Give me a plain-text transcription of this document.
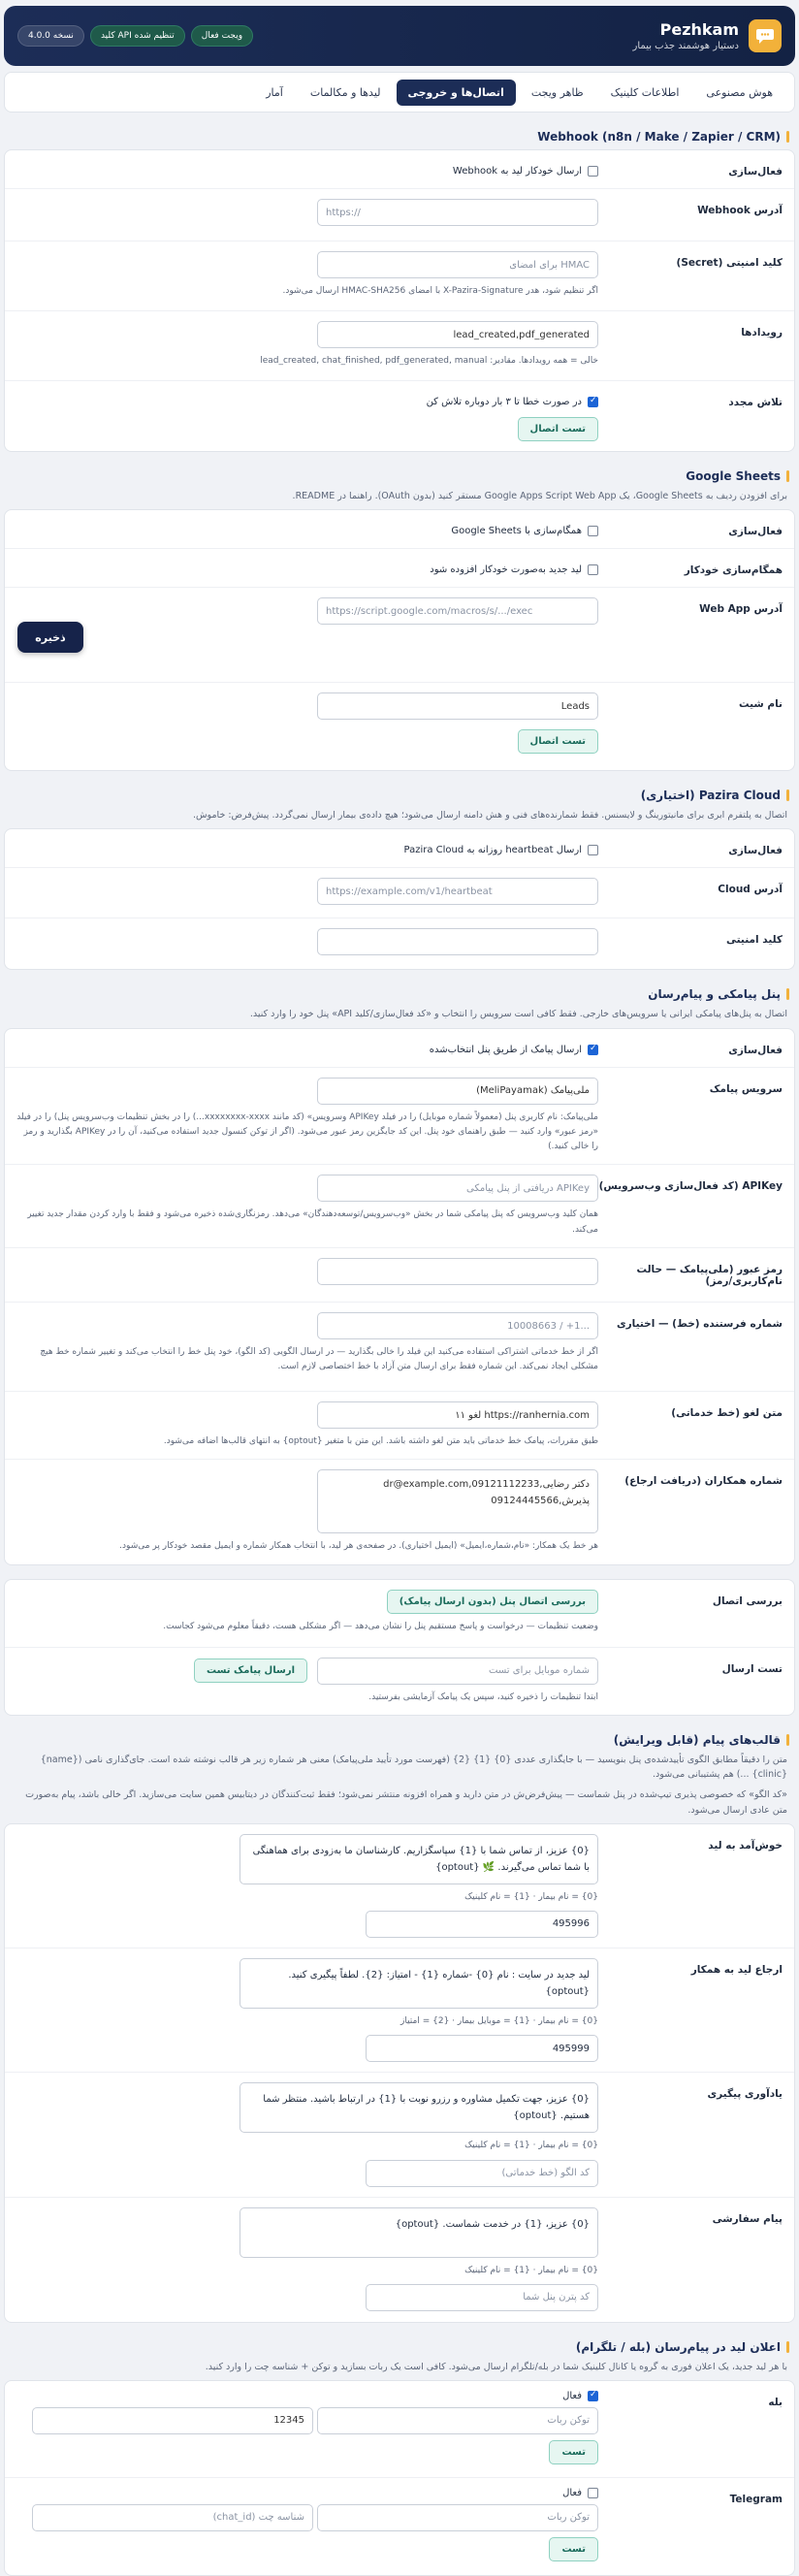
Pezhkam
دستیار هوشمند جذب بیمار
نسخه 4.0.0	کلید API تنظیم شده	ویجت فعال
هوش مصنوعی
اطلاعات کلینیک
ظاهر ویجت
اتصال‌ها و خروجی
لیدها و مکالمات
آمار
Webhook (n8n / Make / Zapier / CRM)
فعال‌سازی
ارسال خودکار لید به Webhook
آدرس Webhook
https://
کلید امنیتی (Secret)
برای امضای HMAC
اگر تنظیم شود، هدر X-Pazira-Signature با امضای HMAC-SHA256 ارسال می‌شود.
رویدادها
lead_created,pdf_generated
خالی = همه رویدادها. مقادیر: lead_created, chat_finished, pdf_generated, manual
تلاش مجدد
✓
در صورت خطا تا ۳ بار دوباره تلاش کن
تست اتصال
Google Sheets
برای افزودن ردیف به Google Sheets، یک Google Apps Script Web App مستقر کنید (بدون OAuth). راهنما در README.
فعال‌سازی
همگام‌سازی با Google Sheets
همگام‌سازی خودکار
لید جدید به‌صورت خودکار افزوده شود
آدرس Web App
https://script.google.com/macros/s/.../exec
نام شیت
Leads
تست اتصال
Pazira Cloud (اختیاری)
اتصال به پلتفرم ابری برای مانیتورینگ و لایسنس. فقط شمارنده‌های فنی و هش دامنه ارسال می‌شود؛ هیچ داده‌ی بیمار ارسال نمی‌گردد. پیش‌فرض: خاموش.
فعال‌سازی
ارسال heartbeat روزانه به Pazira Cloud
آدرس Cloud
https://example.com/v1/heartbeat
کلید امنیتی
پنل پیامکی و پیام‌رسان
اتصال به پنل‌های پیامکی ایرانی یا سرویس‌های خارجی. فقط کافی است سرویس را انتخاب و «کد فعال‌سازی/کلید API» پنل خود را وارد کنید.
فعال‌سازی
✓
ارسال پیامک از طریق پنل انتخاب‌شده
سرویس پیامک
ملی‌پیامک (MeliPayamak)
ملی‌پیامک: نام کاربری پنل (معمولاً شماره موبایل) را در فیلد APIKey و‌سرویس» (کد مانند xxxxxxxx-xxxx...) را در بخش تنظیمات وب‌سرویس پنل) را در فیلد «رمز عبور» وارد کنید — طبق راهنمای خود پنل. این کد جایگزین رمز عبور می‌شود. (اگر از توکن کنسول جدید استفاده می‌کنید، آن را در APIKey بگذارید و رمز را خالی کنید.)
APIKey (کد فعال‌سازی وب‌سرویس)
APIKey دریافتی از پنل پیامکی
همان کلید وب‌سرویس که پنل پیامکی شما در بخش «وب‌سرویس/توسعه‌دهندگان» می‌دهد. رمزنگاری‌شده ذخیره می‌شود و فقط با وارد کردن مقدار جدید تغییر می‌کند.
رمز عبور (ملی‌پیامک — حالت نام‌کاربری/رمز)
شماره فرستنده (خط) — اختیاری
10008663 / +1...
اگر از خط خدماتی اشتراکی استفاده می‌کنید این فیلد را خالی بگذارید — در ارسال الگویی (کد الگو)، خود پنل خط را انتخاب می‌کند و تغییر شماره خط هیچ مشکلی ایجاد نمی‌کند. این شماره فقط برای ارسال متن آزاد با خط اختصاصی لازم است.
متن لغو (خط خدماتی)
لغو ۱۱ https://ranhernia.com
طبق مقررات، پیامک خط خدماتی باید متن لغو داشته باشد. این متن با متغیر {optout} به انتهای قالب‌ها اضافه می‌شود.
شماره همکاران (دریافت ارجاع)
دکتر رضایی,09121112233,dr@example.com
پذیرش,09124445566
هر خط یک همکار: «نام،شماره،ایمیل» (ایمیل اختیاری). در صفحه‌ی هر لید، با انتخاب همکار شماره و ایمیل مقصد خودکار پر می‌شود.
بررسی اتصال
بررسی اتصال پنل (بدون ارسال پیامک)
وضعیت تنظیمات — درخواست و پاسخ مستقیم پنل را نشان می‌دهد — اگر مشکلی هست، دقیقاً معلوم می‌شود کجاست.
تست ارسال
شماره موبایل برای تست
ارسال پیامک تست
ابتدا تنظیمات را ذخیره کنید، سپس یک پیامک آزمایشی بفرستید.
قالب‌های پیام (قابل ویرایش)
متن را دقیقاً مطابق الگوی تأییدشده‌ی پنل بنویسید — با جایگذاری عددی {0} {1} {2} (فهرست مورد تأیید ملی‌پیامک) معنی هر شماره زیر هر قالب نوشته شده است. جای‌گذاری نامی ({name} {clinic} ...) هم پشتیبانی می‌شود.
«کد الگو» که خصوصی پذیری تیپ‌شده در پنل شماست — پیش‌فرض‌ش در متن دارید و همراه افزونه منتشر نمی‌شود؛ فقط ثبت‌کنندگان در دیتابیس همین سایت می‌سازید. اگر خالی باشد، پیام به‌صورت متن عادی ارسال می‌شود.
خوش‌آمد به لید
{0} عزیز، از تماس شما با {1} سپاسگزاریم. کارشناسان ما به‌زودی برای هماهنگی با شما تماس می‌گیرند. 🌿 {optout}
{0} = نام بیمار · {1} = نام کلینیک
495996
ارجاع لید به همکار
لید جدید در سایت : نام {0} -شماره {1} - امتیاز: {2}. لطفاً پیگیری کنید. {optout}
{0} = نام بیمار · {1} = موبایل بیمار · {2} = امتیاز
495999
یادآوری پیگیری
{0} عزیز، جهت تکمیل مشاوره و رزرو نوبت با {1} در ارتباط باشید. منتظر شما هستیم. {optout}
{0} = نام بیمار · {1} = نام کلینیک
کد الگو (خط خدماتی)
پیام سفارشی
{0} عزیز، {1} در خدمت شماست. {optout}
{0} = نام بیمار · {1} = نام کلینیک
کد پترن پنل شما
اعلان لید در پیام‌رسان (بله / تلگرام)
با هر لید جدید، یک اعلان فوری به گروه یا کانال کلینیک شما در بله/تلگرام ارسال می‌شود. کافی است یک ربات بسازید و توکن + شناسه چت را وارد کنید.
بله
✓
فعال
توکن ربات
12345
تست
Telegram
فعال
توکن ربات
شناسه چت (chat_id)
تست
ذخیره
